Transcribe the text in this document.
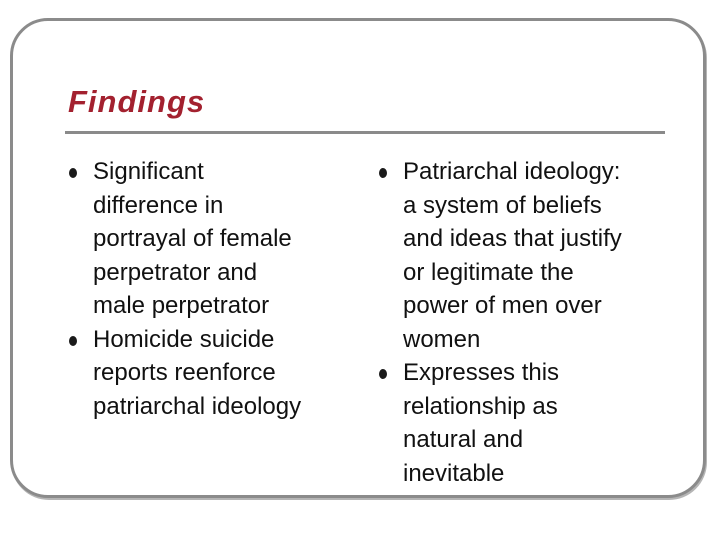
Findings
Significant
difference in
portrayal of female
perpetrator and
male perpetrator
Homicide suicide
reports reenforce
patriarchal ideology
Patriarchal ideology:
a system of beliefs
and ideas that justify
or legitimate the
power of men over
women
Expresses this
relationship as
natural and
inevitable
